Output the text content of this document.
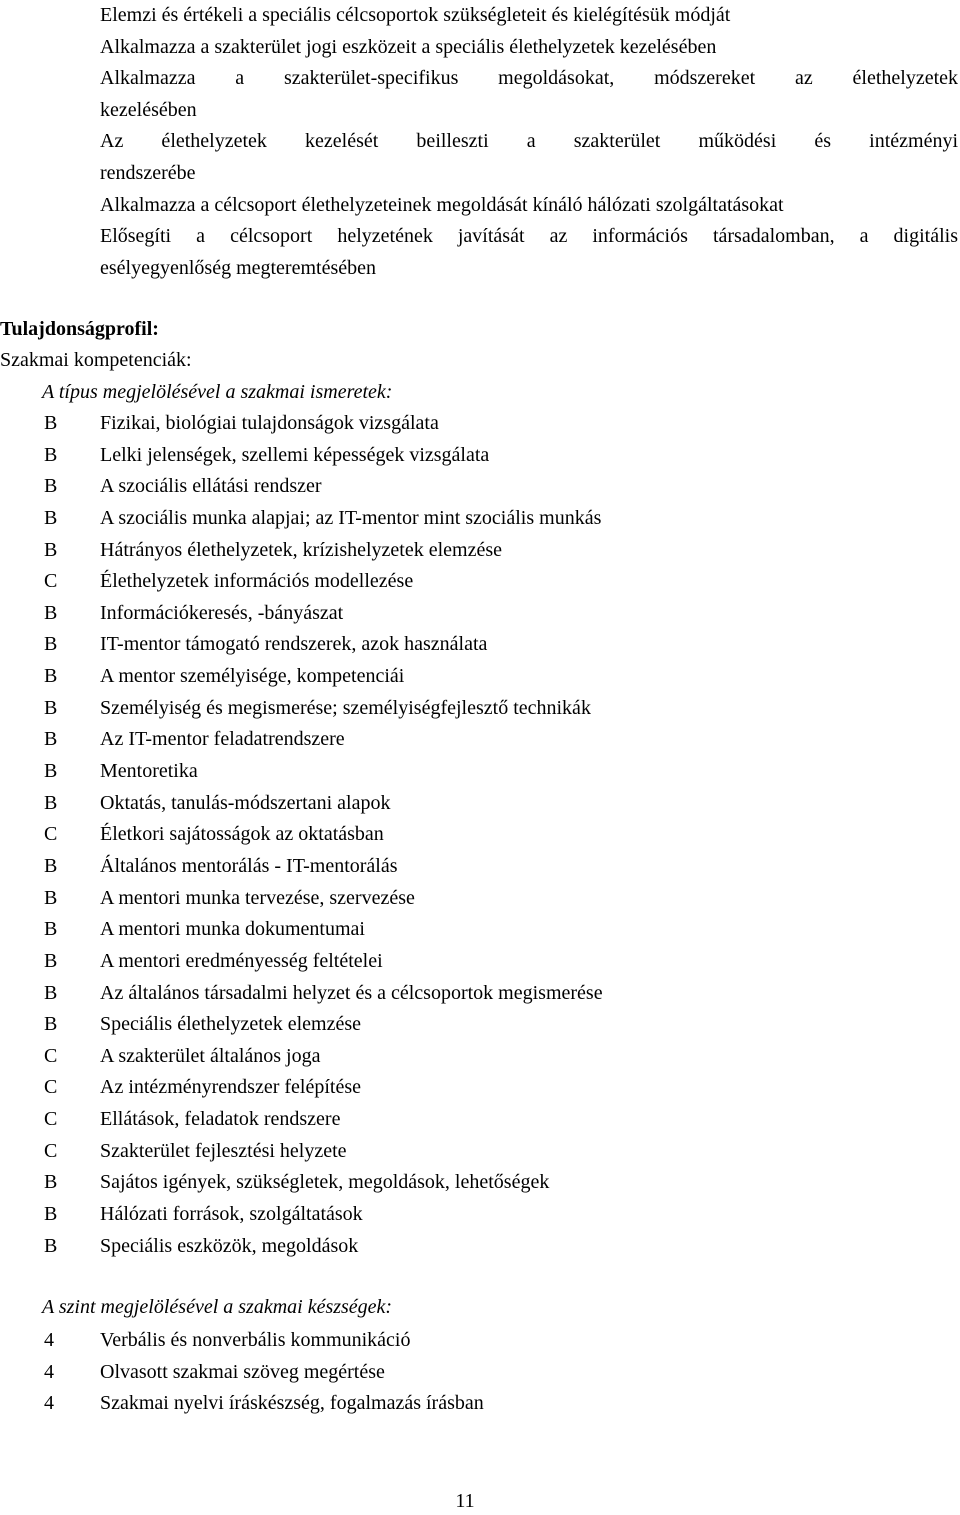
Elemzi és értékeli a speciális célcsoportok szükségleteit és kielégítésük módját
Alkalmazza a szakterület jogi eszközeit a speciális élethelyzetek kezelésében
Alkalmazza a szakterület-specifikus megoldásokat, módszereket az élethelyzetek
kezelésében
Az élethelyzetek kezelését beilleszti a szakterület működési és intézményi
rendszerébe
Alkalmazza a célcsoport élethelyzeteinek megoldását kínáló hálózati szolgáltatásokat
Elősegíti a célcsoport helyzetének javítását az információs társadalomban, a digitális
esélyegyenlőség megteremtésében
Tulajdonságprofil:
Szakmai kompetenciák:
A típus megjelölésével a szakmai ismeretek:
B Fizikai, biológiai tulajdonságok vizsgálata
B Lelki jelenségek, szellemi képességek vizsgálata
B A szociális ellátási rendszer
B A szociális munka alapjai; az IT-mentor mint szociális munkás
B Hátrányos élethelyzetek, krízishelyzetek elemzése
C Élethelyzetek információs modellezése
B Információkeresés, -bányászat
B IT-mentor támogató rendszerek, azok használata
B A mentor személyisége, kompetenciái
B Személyiség és megismerése; személyiségfejlesztő technikák
B Az IT-mentor feladatrendszere
B Mentoretika
B Oktatás, tanulás-módszertani alapok
C Életkori sajátosságok az oktatásban
B Általános mentorálás - IT-mentorálás
B A mentori munka tervezése, szervezése
B A mentori munka dokumentumai
B A mentori eredményesség feltételei
B Az általános társadalmi helyzet és a célcsoportok megismerése
B Speciális élethelyzetek elemzése
C A szakterület általános joga
C Az intézményrendszer felépítése
C Ellátások, feladatok rendszere
C Szakterület fejlesztési helyzete
B Sajátos igények, szükségletek, megoldások, lehetőségek
B Hálózati források, szolgáltatások
B Speciális eszközök, megoldások
A szint megjelölésével a szakmai készségek:
4 Verbális és nonverbális kommunikáció
4 Olvasott szakmai szöveg megértése
4 Szakmai nyelvi íráskészség, fogalmazás írásban
11
